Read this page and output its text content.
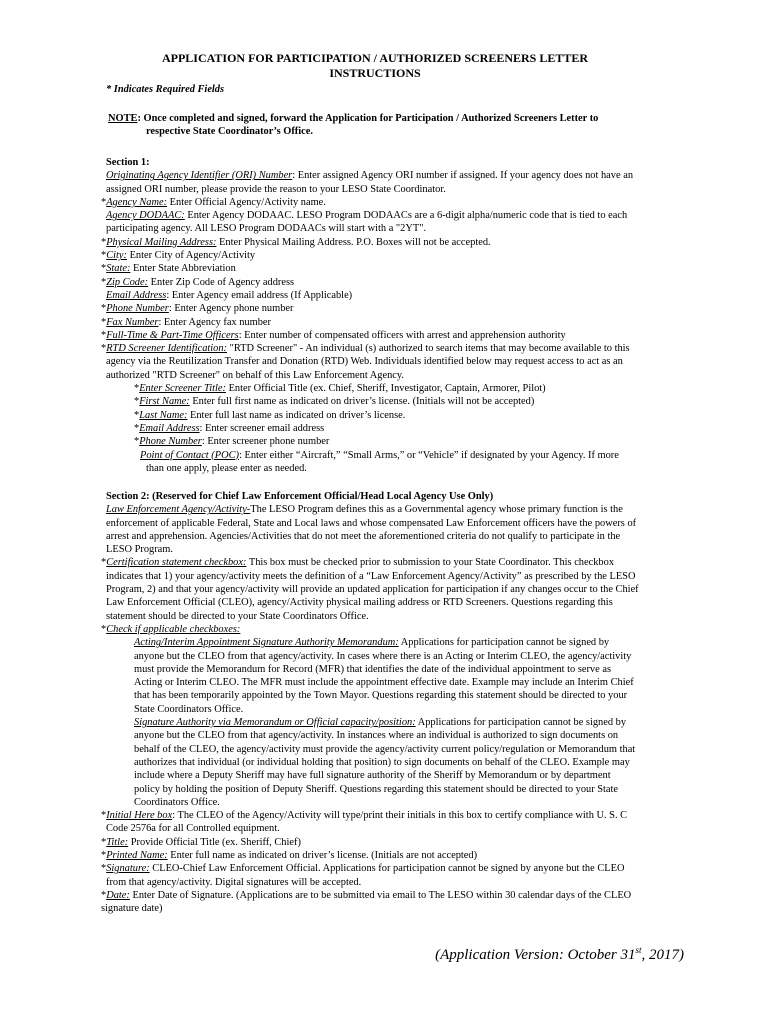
APPLICATION FOR PARTICIPATION / AUTHORIZED SCREENERS LETTER
INSTRUCTIONS
* Indicates Required Fields
NOTE: Once completed and signed, forward the Application for Participation / Authorized Screeners Letter to
respective State Coordinator’s Office.
Section 1:
Originating Agency Identifier (ORI) Number: Enter assigned Agency ORI number if assigned. If your agency does not have an
assigned ORI number, please provide the reason to your LESO State Coordinator.
*Agency Name: Enter Official Agency/Activity name.
Agency DODAAC: Enter Agency DODAAC. LESO Program DODAACs are a 6-digit alpha/numeric code that is tied to each
participating agency. All LESO Program DODAACs will start with a "2YT".
*Physical Mailing Address: Enter Physical Mailing Address. P.O. Boxes will not be accepted.
*City: Enter City of Agency/Activity
*State: Enter State Abbreviation
*Zip Code: Enter Zip Code of Agency address
Email Address: Enter Agency email address (If Applicable)
*Phone Number: Enter Agency phone number
*Fax Number: Enter Agency fax number
*Full-Time & Part-Time Officers: Enter number of compensated officers with arrest and apprehension authority
*RTD Screener Identification: "RTD Screener" - An individual (s) authorized to search items that may become available to this
agency via the Reutilization Transfer and Donation (RTD) Web. Individuals identified below may request access to act as an
authorized "RTD Screener" on behalf of this Law Enforcement Agency.
*Enter Screener Title: Enter Official Title (ex. Chief, Sheriff, Investigator, Captain, Armorer, Pilot)
*First Name: Enter full first name as indicated on driver’s license. (Initials will not be accepted)
*Last Name: Enter full last name as indicated on driver’s license.
*Email Address: Enter screener email address
*Phone Number: Enter screener phone number
Point of Contact (POC): Enter either “Aircraft,” “Small Arms,” or “Vehicle” if designated by your Agency. If more
than one apply, please enter as needed.
Section 2: (Reserved for Chief Law Enforcement Official/Head Local Agency Use Only)
Law Enforcement Agency/Activity-The LESO Program defines this as a Governmental agency whose primary function is the
enforcement of applicable Federal, State and Local laws and whose compensated Law Enforcement officers have the powers of
arrest and apprehension. Agencies/Activities that do not meet the aforementioned criteria do not qualify to participate in the
LESO Program.
*Certification statement checkbox: This box must be checked prior to submission to your State Coordinator. This checkbox
indicates that 1) your agency/activity meets the definition of a “Law Enforcement Agency/Activity” as prescribed by the LESO
Program, 2) and that your agency/activity will provide an updated application for participation if any changes occur to the Chief
Law Enforcement Official (CLEO), agency/Activity physical mailing address or RTD Screeners. Questions regarding this
statement should be directed to your State Coordinators Office.
*Check if applicable checkboxes:
Acting/Interim Appointment Signature Authority Memorandum: Applications for participation cannot be signed by
anyone but the CLEO from that agency/activity. In cases where there is an Acting or Interim CLEO, the agency/activity
must provide the Memorandum for Record (MFR) that identifies the date of the individual appointment to serve as
Acting or Interim CLEO. The MFR must include the appointment effective date. Example may include an Interim Chief
that has been temporarily appointed by the Town Mayor. Questions regarding this statement should be directed to your
State Coordinators Office.
Signature Authority via Memorandum or Official capacity/position: Applications for participation cannot be signed by
anyone but the CLEO from that agency/activity. In instances where an individual is authorized to sign documents on
behalf of the CLEO, the agency/activity must provide the agency/activity current policy/regulation or Memorandum that
authorizes that individual (or individual holding that position) to sign documents on behalf of the CLEO. Example may
include where a Deputy Sheriff may have full signature authority of the Sheriff by Memorandum or by department
policy by holding the position of Deputy Sheriff. Questions regarding this statement should be directed to your State
Coordinators Office.
*Initial Here box: The CLEO of the Agency/Activity will type/print their initials in this box to certify compliance with U. S. C
Code 2576a for all Controlled equipment.
*Title: Provide Official Title (ex. Sheriff, Chief)
*Printed Name: Enter full name as indicated on driver’s license. (Initials are not accepted)
*Signature: CLEO-Chief Law Enforcement Official. Applications for participation cannot be signed by anyone but the CLEO
from that agency/activity. Digital signatures will be accepted.
*Date: Enter Date of Signature. (Applications are to be submitted via email to The LESO within 30 calendar days of the CLEO
signature date)
(Application Version: October 31st, 2017)
